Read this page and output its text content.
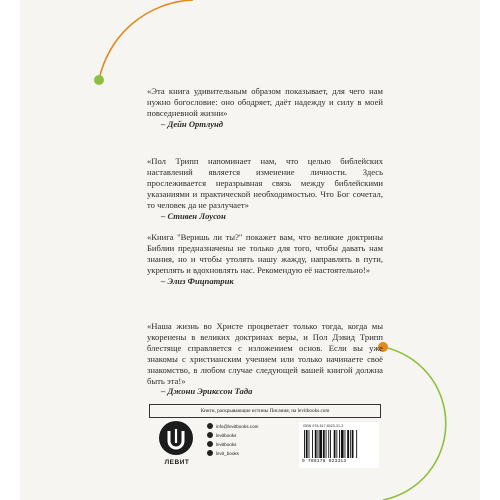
«Эта книга удивительным образом показывает, для чего нам нужно богословие: оно ободряет, даёт надежду и силу в моей повседневной жизни»
– Дейн Ортлунд
«Пол Трипп напоминает нам, что целью библейских наставлений является изменение личности. Здесь прослеживается неразрывная связь между библейскими указаниями и практической необходимостью. Что Бог сочетал, то человек да не разлучает»
– Стивен Лоусон
«Книга "Веришь ли ты?" покажет вам, что великие доктрины Библии предназначены не только для того, чтобы давать нам знания, но и чтобы утолять нашу жажду, направлять в пути, укреплять и вдохновлять нас. Рекомендую её настоятельно!»
– Элиз Фицпатрик
«Наша жизнь во Христе процветает только тогда, когда мы укоренены в великих доктринах веры, и Пол Дэвид Трипп блестяще справляется с изложением основ. Если вы уже знакомы с христианским учением или только начинаете своё знакомство, в любом случае следующей вашей книгой должна быть эта!»
– Джони Эрикссон Тада
Книги, раскрывающие истины Писания, на levitbooks.com
ЛЕВИТ
info@levitbooks.com
levitbooks
levitbooks
levit_books
ISBN 978-617-8023-31-3
9 786178 023313
